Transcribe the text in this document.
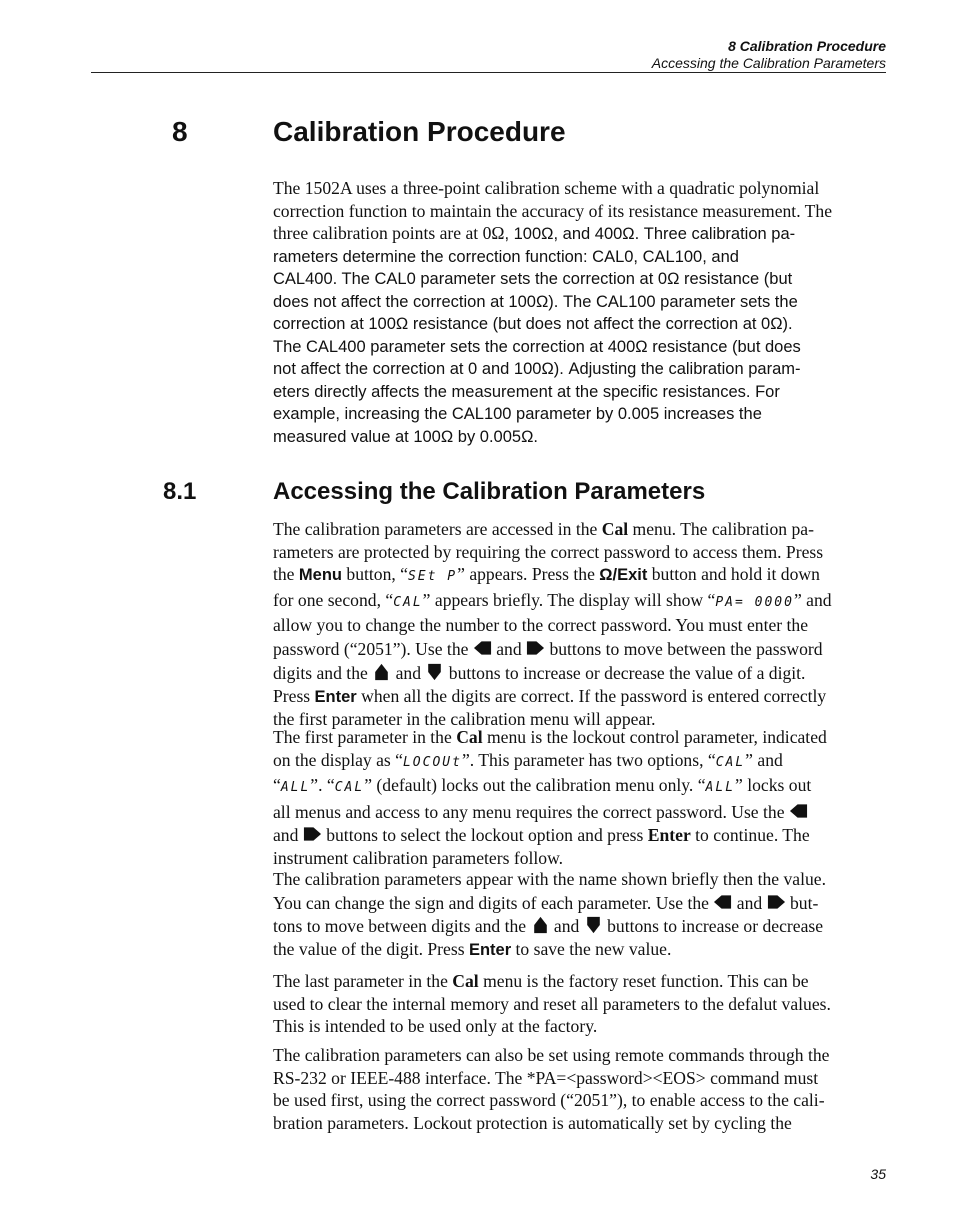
8 Calibration Procedure
Accessing the Calibration Parameters
8	Calibration Procedure
The 1502A uses a three-point calibration scheme with a quadratic polynomial
correction function to maintain the accuracy of its resistance measurement. The
three calibration points are at 0Ω, 100Ω, and 400Ω. Three calibration pa-
rameters determine the correction function: CAL0, CAL100, and
CAL400. The CAL0 parameter sets the correction at 0Ω resistance (but
does not affect the correction at 100Ω). The CAL100 parameter sets the
correction at 100Ω resistance (but does not affect the correction at 0Ω).
The CAL400 parameter sets the correction at 400Ω resistance (but does
not affect the correction at 0 and 100Ω). Adjusting the calibration param-
eters directly affects the measurement at the specific resistances. For
example, increasing the CAL100 parameter by 0.005 increases the
measured value at 100Ω by 0.005Ω.
8.1	Accessing the Calibration Parameters
The calibration parameters are accessed in the Cal menu. The calibration pa-
rameters are protected by requiring the correct password to access them. Press
the Menu button, “SEt P” appears. Press the Ω/Exit button and hold it down
for one second, “CAL” appears briefly. The display will show “PA= 0000” and
allow you to change the number to the correct password. You must enter the
password (“2051”). Use the
and
buttons to move between the password
digits and the
and
buttons to increase or decrease the value of a digit.
Press Enter when all the digits are correct. If the password is entered correctly
the first parameter in the calibration menu will appear.
The first parameter in the Cal menu is the lockout control parameter, indicated
on the display as “LOCOUt”. This parameter has two options, “CAL” and
“ALL”. “CAL” (default) locks out the calibration menu only. “ALL” locks out
all menus and access to any menu requires the correct password. Use the
and
buttons to select the lockout option and press Enter to continue. The
instrument calibration parameters follow.
The calibration parameters appear with the name shown briefly then the value.
You can change the sign and digits of each parameter. Use the
and
but-
tons to move between digits and the
and
buttons to increase or decrease
the value of the digit. Press Enter to save the new value.
The last parameter in the Cal menu is the factory reset function. This can be
used to clear the internal memory and reset all parameters to the defalut values.
This is intended to be used only at the factory.
The calibration parameters can also be set using remote commands through the
RS-232 or IEEE-488 interface. The *PA=<password><EOS> command must
be used first, using the correct password (“2051”), to enable access to the cali-
bration parameters. Lockout protection is automatically set by cycling the
35
